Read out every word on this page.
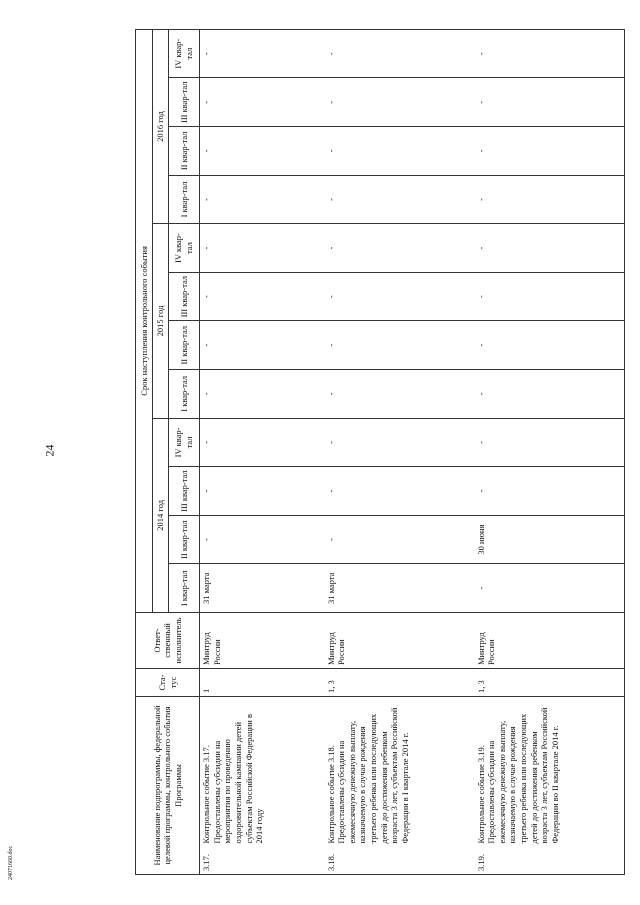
24
Наименование подпрограммы, федеральной целевой программы, контрольного события Программы		Ста-тус	Ответ-ственный исполнитель	Срок наступления контрольного события											
				2014 год				2015 год				2016 год			
				I квар-тал	II квар-тал	III квар-тал	IV квар-тал	I квар-тал	II квар-тал	III квар-тал	IV квар-тал	I квар-тал	II квар-тал	III квар-тал	IV квар-тал
3.17.	Контрольное событие 3.17. Предоставлены субсидии на мероприятия по проведению оздоровительной кампании детей субъектам Российской Федерации в 2014 году	1	Минтруд России	31 марта	-	-	-	-	-	-	-	-	-	-	-
3.18.	Контрольное событие 3.18. Предоставлены субсидии на ежемесячную денежную выплату, назначаемую в случае рождения третьего ребенка или последующих детей до достижения ребенком возраста 3 лет, субъектам Российской Федерации в I квартале 2014 г.	1, 3	Минтруд России	31 марта	-	-	-	-	-	-	-	-	-	-	-
3.19.	Контрольное событие 3.19. Предоставлены субсидии на ежемесячную денежную выплату, назначаемую в случае рождения третьего ребенка или последующих детей до достижения ребенком возраста 3 лет, субъектам Российской Федерации во II квартале 2014 г.	1, 3	Минтруд России	-	30 июня	-	-	-	-	-	-	-	-	-	-
24071660.doc
